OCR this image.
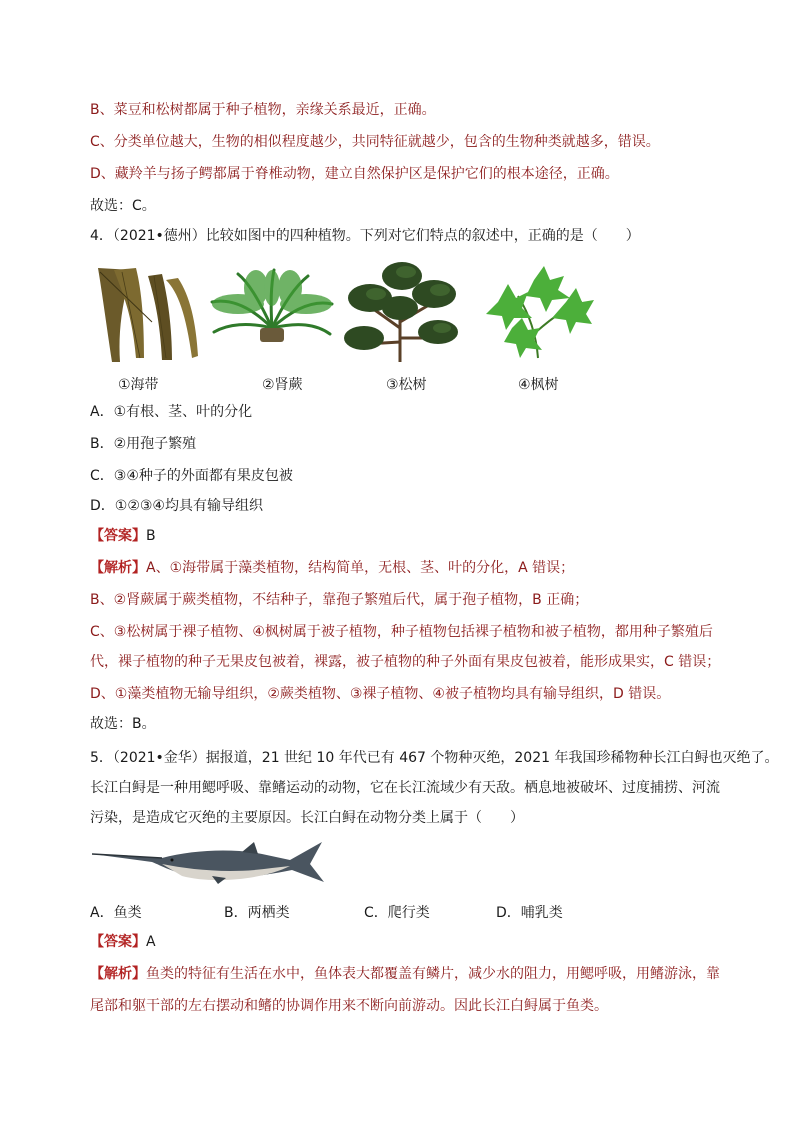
B、菜豆和松树都属于种子植物，亲缘关系最近，正确。
C、分类单位越大，生物的相似程度越少，共同特征就越少，包含的生物种类就越多，错误。
D、藏羚羊与扬子鳄都属于脊椎动物，建立自然保护区是保护它们的根本途径，正确。
故选：C。
4．（2021•德州）比较如图中的四种植物。下列对它们特点的叙述中，正确的是（　　）
①海带	②肾蕨	③松树	④枫树
A．①有根、茎、叶的分化
B．②用孢子繁殖
C．③④种子的外面都有果皮包被
D．①②③④均具有输导组织
【答案】B
【解析】A、①海带属于藻类植物，结构简单，无根、茎、叶的分化，A 错误；
B、②肾蕨属于蕨类植物，不结种子，靠孢子繁殖后代，属于孢子植物，B 正确；
C、③松树属于裸子植物、④枫树属于被子植物，种子植物包括裸子植物和被子植物，都用种子繁殖后
代，裸子植物的种子无果皮包被着，裸露，被子植物的种子外面有果皮包被着，能形成果实，C 错误；
D、①藻类植物无输导组织，②蕨类植物、③裸子植物、④被子植物均具有输导组织，D 错误。
故选：B。
5．（2021•金华）据报道，21 世纪 10 年代已有 467 个物种灭绝，2021 年我国珍稀物种长江白鲟也灭绝了。
长江白鲟是一种用鳃呼吸、靠鳍运动的动物，它在长江流域少有天敌。栖息地被破坏、过度捕捞、河流
污染，是造成它灭绝的主要原因。长江白鲟在动物分类上属于（　　）
A．鱼类	B．两栖类	C．爬行类	D．哺乳类
【答案】A
【解析】鱼类的特征有生活在水中，鱼体表大都覆盖有鳞片，减少水的阻力，用鳃呼吸，用鳍游泳，靠
尾部和躯干部的左右摆动和鳍的协调作用来不断向前游动。因此长江白鲟属于鱼类。
